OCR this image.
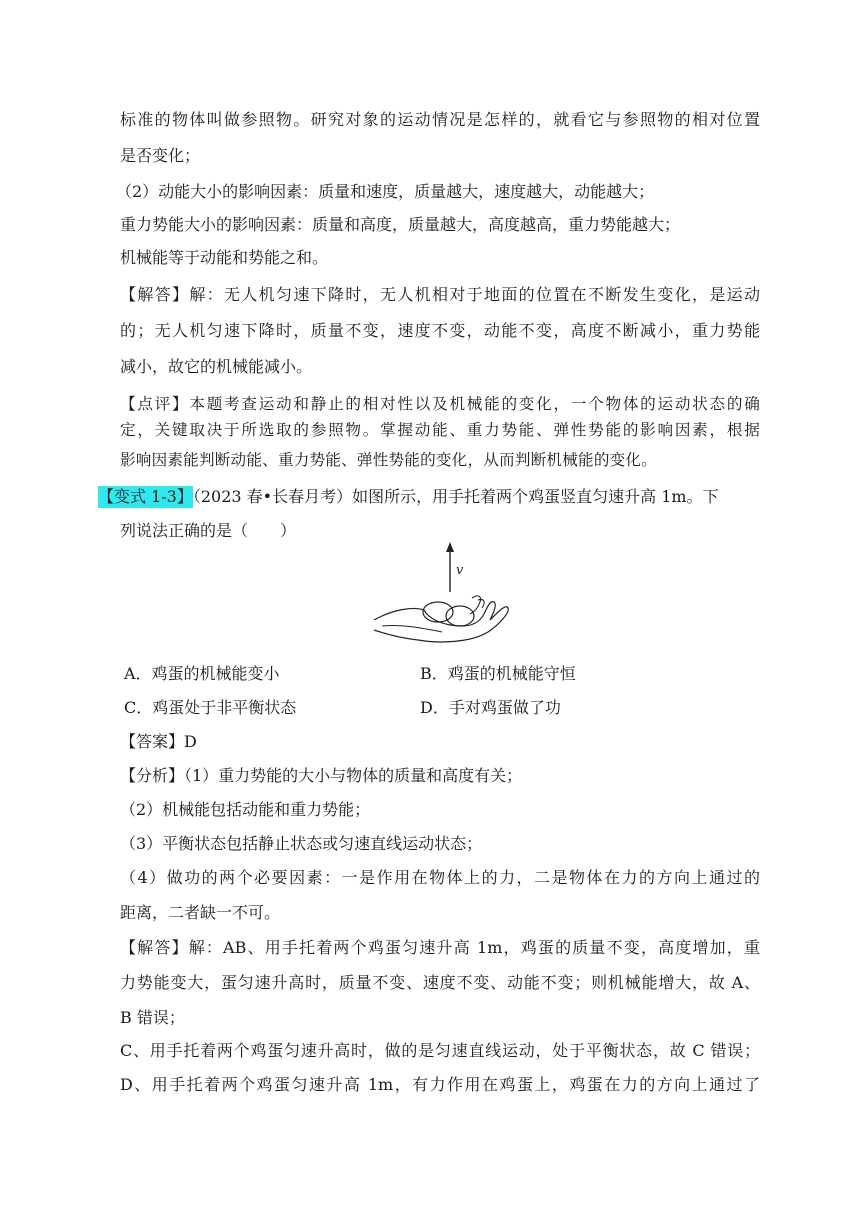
标准的物体叫做参照物。研究对象的运动情况是怎样的，就看它与参照物的相对位置
是否变化；
（2）动能大小的影响因素：质量和速度，质量越大，速度越大，动能越大；
重力势能大小的影响因素：质量和高度，质量越大，高度越高，重力势能越大；
机械能等于动能和势能之和。
【解答】解：无人机匀速下降时，无人机相对于地面的位置在不断发生变化，是运动
的；无人机匀速下降时，质量不变，速度不变，动能不变，高度不断减小，重力势能
减小，故它的机械能减小。
【点评】本题考查运动和静止的相对性以及机械能的变化，一个物体的运动状态的确
定，关键取决于所选取的参照物。掌握动能、重力势能、弹性势能的影响因素，根据
影响因素能判断动能、重力势能、弹性势能的变化，从而判断机械能的变化。
【变式 1-3】（2023 春•长春月考）如图所示，用手托着两个鸡蛋竖直匀速升高 1m。下
列说法正确的是（　　）
v
A．鸡蛋的机械能变小	B．鸡蛋的机械能守恒
C．鸡蛋处于非平衡状态	D．手对鸡蛋做了功
【答案】D
【分析】（1）重力势能的大小与物体的质量和高度有关；
（2）机械能包括动能和重力势能；
（3）平衡状态包括静止状态或匀速直线运动状态；
（4）做功的两个必要因素：一是作用在物体上的力，二是物体在力的方向上通过的
距离，二者缺一不可。
【解答】解：AB、用手托着两个鸡蛋匀速升高 1m，鸡蛋的质量不变，高度增加，重
力势能变大，蛋匀速升高时，质量不变、速度不变、动能不变；则机械能增大，故 A、
B 错误；
C、用手托着两个鸡蛋匀速升高时，做的是匀速直线运动，处于平衡状态，故 C 错误；
D、用手托着两个鸡蛋匀速升高 1m，有力作用在鸡蛋上，鸡蛋在力的方向上通过了
